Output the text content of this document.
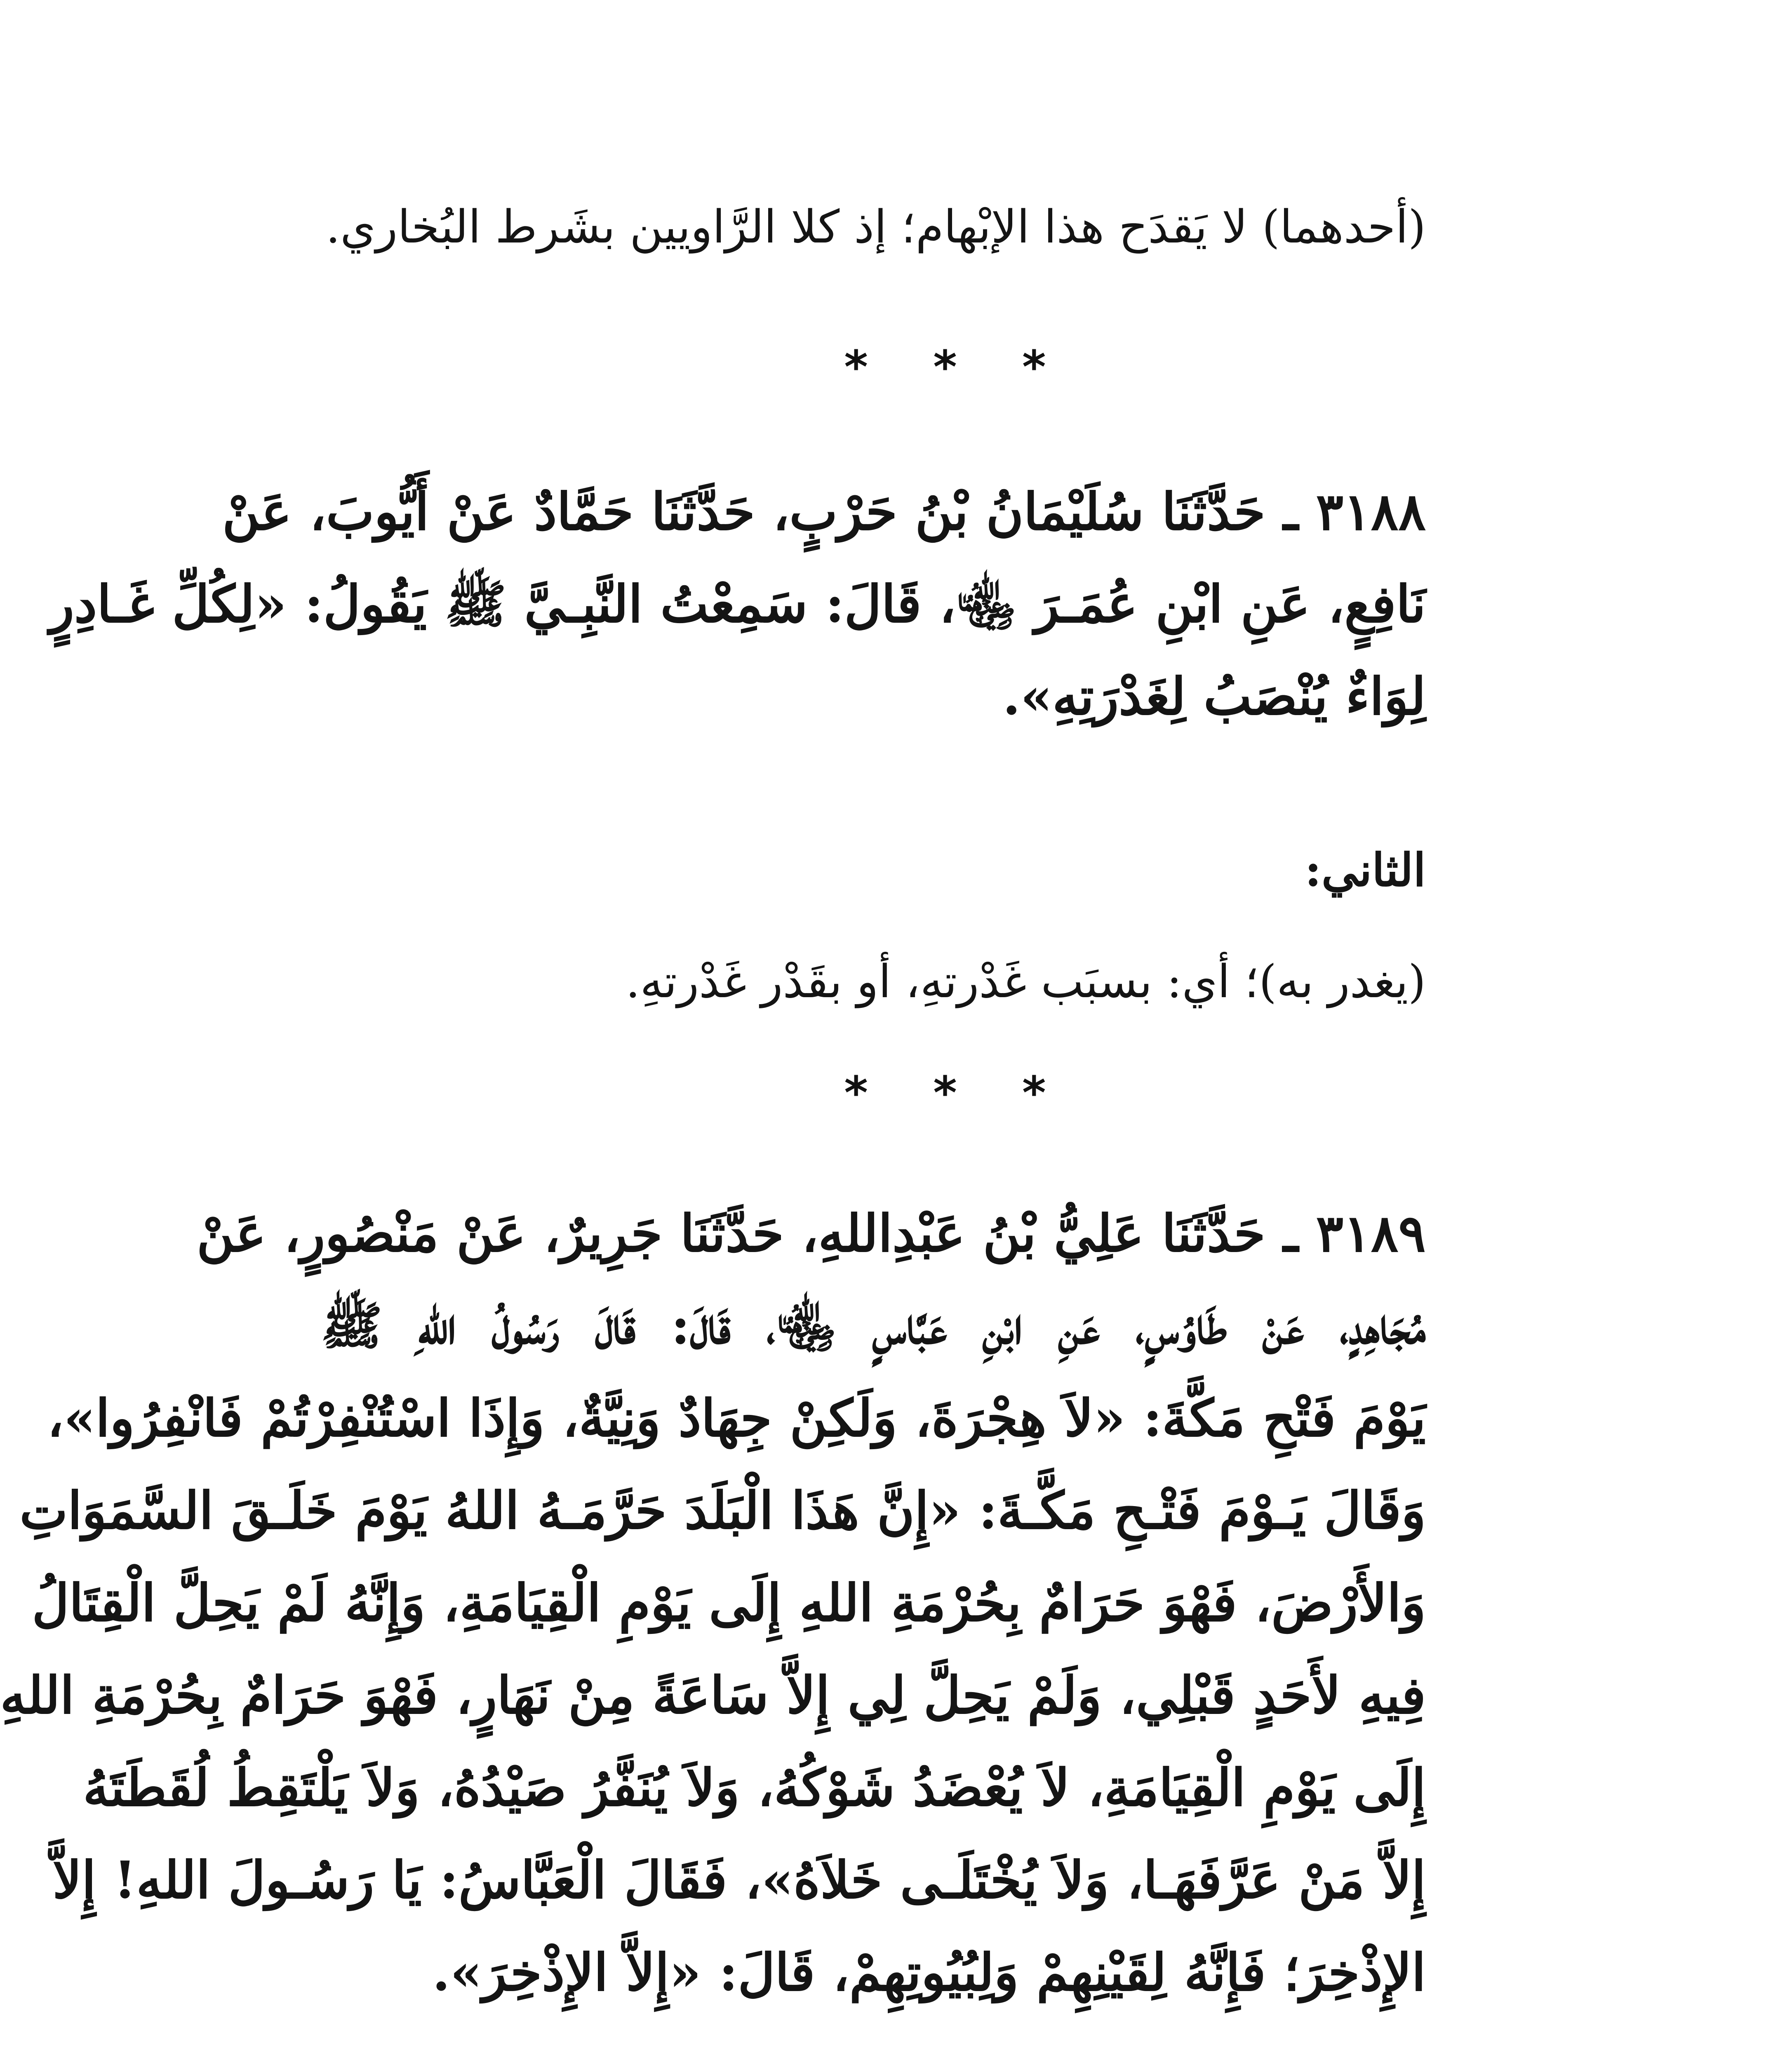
(أحدهما) لا يَقدَح هذا الإبْهام؛ إذ كلا الرَّاويين بشَرط البُخاري.
* * *
٣١٨٨ ـ حَدَّثَنَا سُلَيْمَانُ بْنُ حَرْبٍ، حَدَّثَنَا حَمَّادٌ عَنْ أَيُّوبَ، عَنْ
نَافِعٍ، عَنِ ابْنِ عُمَـرَ ﵄، قَالَ: سَمِعْتُ النَّبِـيَّ ﷺ يَقُولُ: «لِكُلِّ غَـادِرٍ
لِوَاءٌ يُنْصَبُ لِغَدْرَتِهِ».
الثاني:
(يغدر به)؛ أي: بسبَب غَدْرتهِ، أو بقَدْر غَدْرتهِ.
* * *
٣١٨٩ ـ حَدَّثَنَا عَلِيُّ بْنُ عَبْدِاللهِ، حَدَّثَنَا جَرِيرٌ، عَنْ مَنْصُورٍ، عَنْ
مُجَاهِدٍ، عَنْ طَاوُسٍ، عَنِ ابْنِ عَبَّاسٍ ﵄، قَالَ: قَالَ رَسُولُ اللهِ ﷺ
يَوْمَ فَتْحِ مَكَّةَ: «لاَ هِجْرَةَ، وَلَكِنْ جِهَادٌ وَنِيَّةٌ، وَإِذَا اسْتُنْفِرْتُمْ فَانْفِرُوا»،
وَقَالَ يَـوْمَ فَتْـحِ مَكَّـةَ: «إِنَّ هَذَا الْبَلَدَ حَرَّمَـهُ اللهُ يَوْمَ خَلَـقَ السَّمَوَاتِ
وَالأَرْضَ، فَهْوَ حَرَامٌ بِحُرْمَةِ اللهِ إِلَى يَوْمِ الْقِيَامَةِ، وَإِنَّهُ لَمْ يَحِلَّ الْقِتَالُ
فِيهِ لأَحَدٍ قَبْلِي، وَلَمْ يَحِلَّ لِي إِلاَّ سَاعَةً مِنْ نَهَارٍ، فَهْوَ حَرَامٌ بِحُرْمَةِ اللهِ
إِلَى يَوْمِ الْقِيَامَةِ، لاَ يُعْضَدُ شَوْكُهُ، وَلاَ يُنَفَّرُ صَيْدُهُ، وَلاَ يَلْتَقِطُ لُقَطَتَهُ
إِلاَّ مَنْ عَرَّفَهَـا، وَلاَ يُخْتَلَـى خَلاَهُ»، فَقَالَ الْعَبَّاسُ: يَا رَسُـولَ اللهِ! إِلاَّ
الإِذْخِرَ؛ فَإِنَّهُ لِقَيْنِهِمْ وَلِبُيُوتِهِمْ، قَالَ: «إِلاَّ الإِذْخِرَ».
